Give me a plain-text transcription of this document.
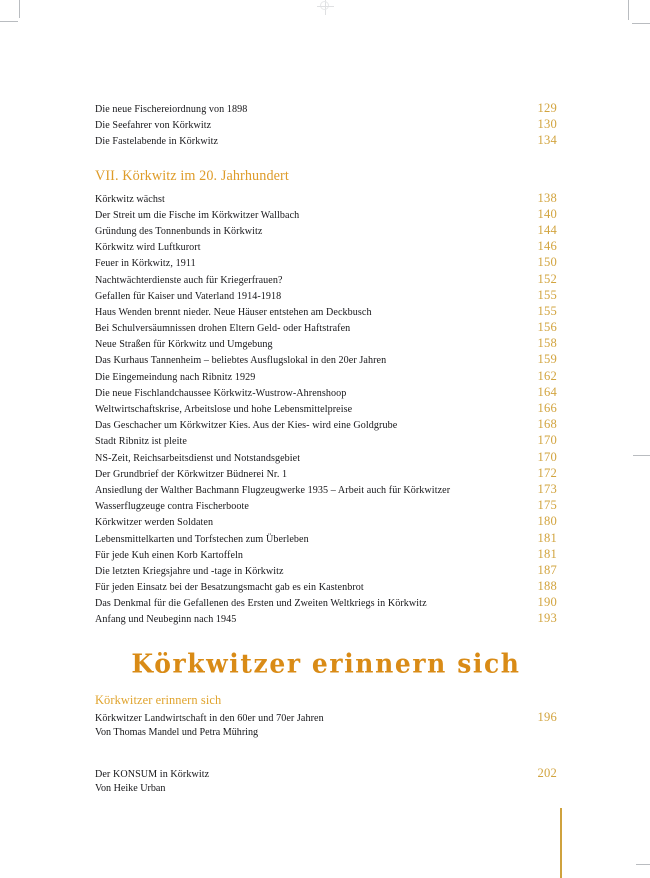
Die neue Fischereiordnung von 1898	129
Die Seefahrer von Körkwitz	130
Die Fastelabende in Körkwitz	134
VII. Körkwitz im 20. Jahrhundert
Körkwitz wächst	138
Der Streit um die Fische im Körkwitzer Wallbach	140
Gründung des Tonnenbunds in Körkwitz	144
Körkwitz wird Luftkurort	146
Feuer in Körkwitz, 1911	150
Nachtwächterdienste auch für Kriegerfrauen?	152
Gefallen für Kaiser und Vaterland 1914-1918	155
Haus Wenden brennt nieder. Neue Häuser entstehen am Deckbusch	155
Bei Schulversäumnissen drohen Eltern Geld- oder Haftstrafen	156
Neue Straßen für Körkwitz und Umgebung	158
Das Kurhaus Tannenheim – beliebtes Ausflugslokal in den 20er Jahren	159
Die Eingemeindung nach Ribnitz 1929	162
Die neue Fischlandchaussee Körkwitz-Wustrow-Ahrenshoop	164
Weltwirtschaftskrise, Arbeitslose und hohe Lebensmittelpreise	166
Das Geschacher um Körkwitzer Kies. Aus der Kies- wird eine Goldgrube	168
Stadt Ribnitz ist pleite	170
NS-Zeit, Reichsarbeitsdienst und Notstandsgebiet	170
Der Grundbrief der Körkwitzer Büdnerei Nr. 1	172
Ansiedlung der Walther Bachmann Flugzeugwerke 1935 – Arbeit auch für Körkwitzer	173
Wasserflugzeuge contra Fischerboote	175
Körkwitzer werden Soldaten	180
Lebensmittelkarten und Torfstechen zum Überleben	181
Für jede Kuh einen Korb Kartoffeln	181
Die letzten Kriegsjahre und -tage in Körkwitz	187
Für jeden Einsatz bei der Besatzungsmacht gab es ein Kastenbrot	188
Das Denkmal für die Gefallenen des Ersten und Zweiten Weltkriegs in Körkwitz	190
Anfang und Neubeginn nach 1945	193
Körkwitzer erinnern sich
Körkwitzer erinnern sich
Körkwitzer Landwirtschaft in den 60er und 70er Jahren	196
Von Thomas Mandel und Petra Mühring
Der KONSUM in Körkwitz	202
Von Heike Urban
